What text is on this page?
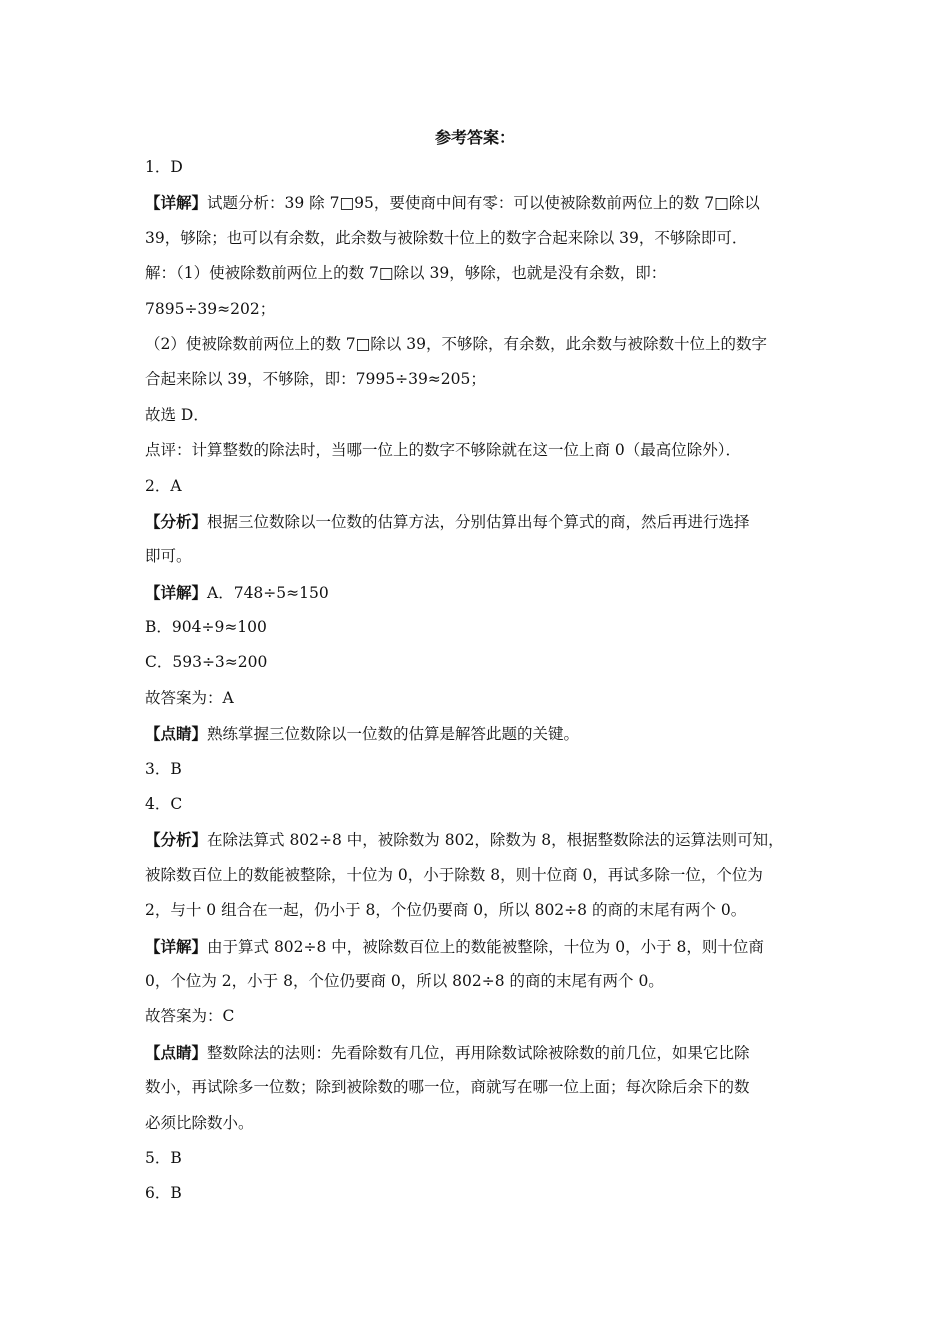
参考答案：
1．D
【详解】试题分析：39 除 7□95，要使商中间有零：可以使被除数前两位上的数 7□除以
39，够除；也可以有余数，此余数与被除数十位上的数字合起来除以 39，不够除即可．
解：（1）使被除数前两位上的数 7□除以 39，够除，也就是没有余数，即：
7895÷39≈202；
（2）使被除数前两位上的数 7□除以 39，不够除，有余数，此余数与被除数十位上的数字
合起来除以 39，不够除，即：7995÷39≈205；
故选 D．
点评：计算整数的除法时，当哪一位上的数字不够除就在这一位上商 0（最高位除外）．
2．A
【分析】根据三位数除以一位数的估算方法，分别估算出每个算式的商，然后再进行选择
即可。
【详解】A．748÷5≈150
B．904÷9≈100
C．593÷3≈200
故答案为：A
【点睛】熟练掌握三位数除以一位数的估算是解答此题的关键。
3．B
4．C
【分析】在除法算式 802÷8 中，被除数为 802，除数为 8，根据整数除法的运算法则可知，
被除数百位上的数能被整除，十位为 0，小于除数 8，则十位商 0，再试多除一位，个位为
2，与十 0 组合在一起，仍小于 8，个位仍要商 0，所以 802÷8 的商的末尾有两个 0。
【详解】由于算式 802÷8 中，被除数百位上的数能被整除，十位为 0，小于 8，则十位商
0，个位为 2，小于 8，个位仍要商 0，所以 802÷8 的商的末尾有两个 0。
故答案为：C
【点睛】整数除法的法则：先看除数有几位，再用除数试除被除数的前几位，如果它比除
数小，再试除多一位数；除到被除数的哪一位，商就写在哪一位上面；每次除后余下的数
必须比除数小。
5．B
6．B
